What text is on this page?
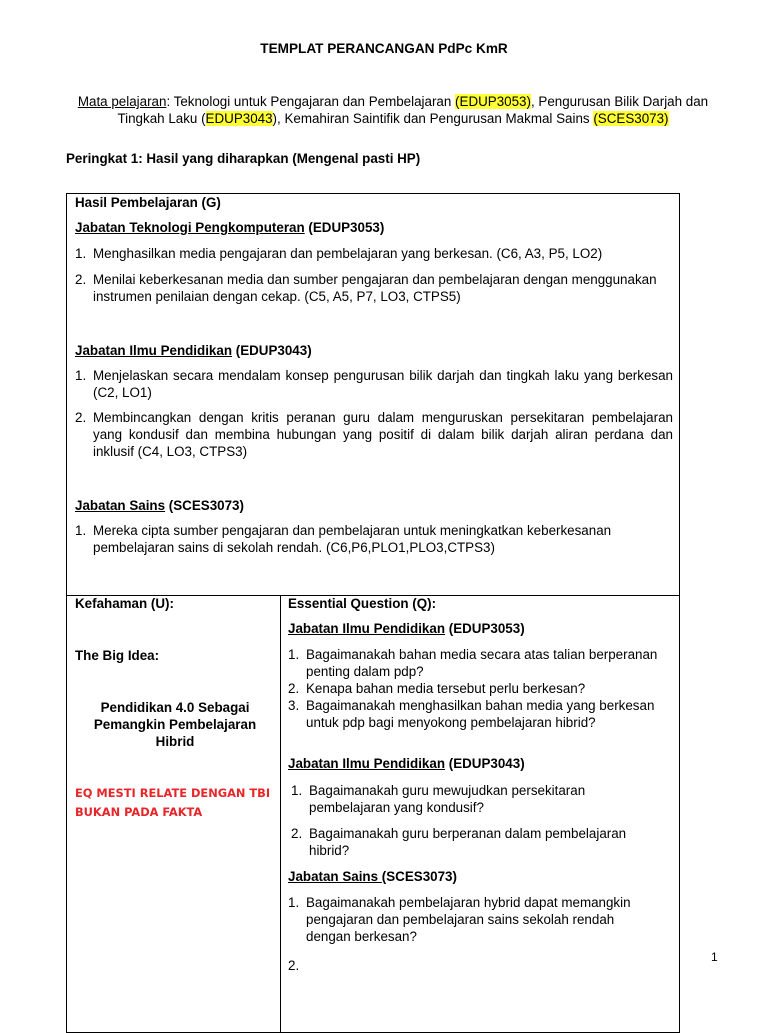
TEMPLAT PERANCANGAN PdPc KmR
Mata pelajaran: Teknologi untuk Pengajaran dan Pembelajaran (EDUP3053), Pengurusan Bilik Darjah dan Tingkah Laku (EDUP3043), Kemahiran Saintifik dan Pengurusan Makmal Sains (SCES3073)
Peringkat 1: Hasil yang diharapkan (Mengenal pasti HP)
Hasil Pembelajaran (G)
Jabatan Teknologi Pengkomputeran (EDUP3053)
1. Menghasilkan media pengajaran dan pembelajaran yang berkesan. (C6, A3, P5, LO2)
2. Menilai keberkesanan media dan sumber pengajaran dan pembelajaran dengan menggunakan instrumen penilaian dengan cekap. (C5, A5, P7, LO3, CTPS5)
Jabatan Ilmu Pendidikan (EDUP3043)
1. Menjelaskan secara mendalam konsep pengurusan bilik darjah dan tingkah laku yang berkesan (C2, LO1)
2. Membincangkan dengan kritis peranan guru dalam menguruskan persekitaran pembelajaran yang kondusif dan membina hubungan yang positif di dalam bilik darjah aliran perdana dan inklusif (C4, LO3, CTPS3)
Jabatan Sains (SCES3073)
1. Mereka cipta sumber pengajaran dan pembelajaran untuk meningkatkan keberkesanan pembelajaran sains di sekolah rendah. (C6,P6,PLO1,PLO3,CTPS3)
Kefahaman (U):
The Big Idea:
Pendidikan 4.0 Sebagai Pemangkin Pembelajaran Hibrid
EQ MESTI RELATE DENGAN TBI BUKAN PADA FAKTA
Essential Question (Q):
Jabatan Ilmu Pendidikan (EDUP3053)
1. Bagaimanakah bahan media secara atas talian berperanan penting dalam pdp?
2. Kenapa bahan media tersebut perlu berkesan?
3. Bagaimanakah menghasilkan bahan media yang berkesan untuk pdp bagi menyokong pembelajaran hibrid?
Jabatan Ilmu Pendidikan (EDUP3043)
1. Bagaimanakah guru mewujudkan persekitaran pembelajaran yang kondusif?
2. Bagaimanakah guru berperanan dalam pembelajaran hibrid?
Jabatan Sains (SCES3073)
1. Bagaimanakah pembelajaran hybrid dapat memangkin pengajaran dan pembelajaran sains sekolah rendah dengan berkesan?
2.
1
